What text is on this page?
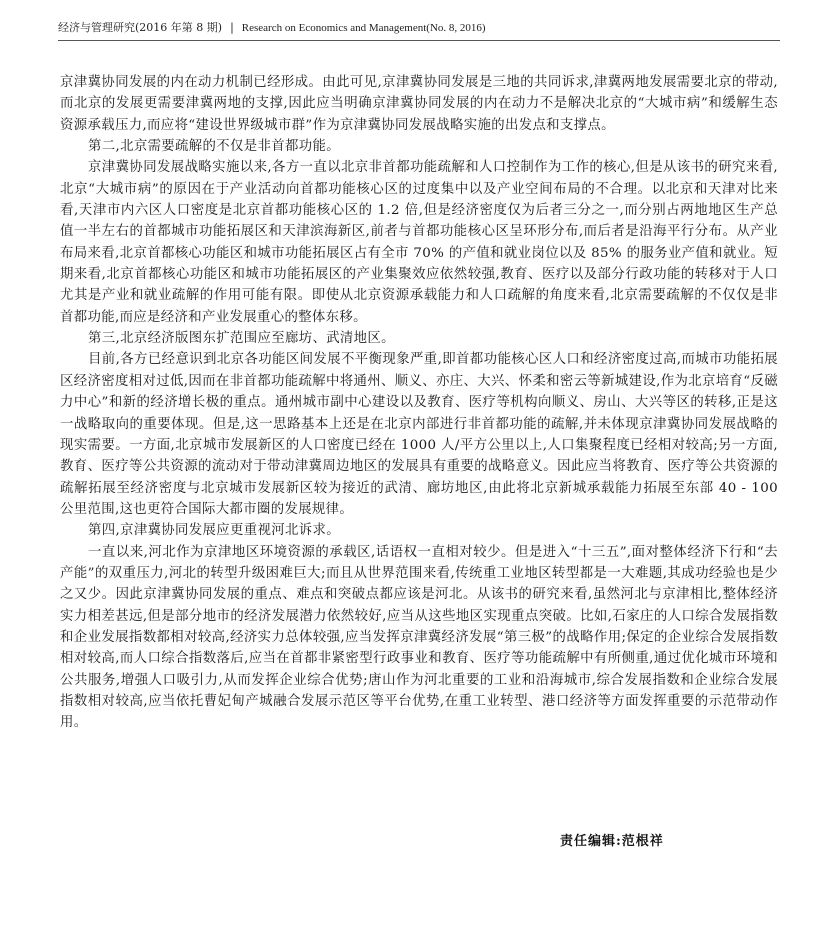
经济与管理研究(2016 年第 8 期) | Research on Economics and Management(No. 8, 2016)

京津冀协同发展的内在动力机制已经形成。由此可见,京津冀协同发展是三地的共同诉求,津冀两地发展需要北京的带动,而北京的发展更需要津冀两地的支撑,因此应当明确京津冀协同发展的内在动力不是解决北京的“大城市病”和缓解生态资源承载压力,而应将“建设世界级城市群”作为京津冀协同发展战略实施的出发点和支撑点。

第二,北京需要疏解的不仅是非首都功能。

京津冀协同发展战略实施以来,各方一直以北京非首都功能疏解和人口控制作为工作的核心,但是从该书的研究来看,北京“大城市病”的原因在于产业活动向首都功能核心区的过度集中以及产业空间布局的不合理。以北京和天津对比来看,天津市内六区人口密度是北京首都功能核心区的 1.2 倍,但是经济密度仅为后者三分之一,而分别占两地地区生产总值一半左右的首都城市功能拓展区和天津滨海新区,前者与首都功能核心区呈环形分布,而后者是沿海平行分布。从产业布局来看,北京首都核心功能区和城市功能拓展区占有全市 70% 的产值和就业岗位以及 85% 的服务业产值和就业。短期来看,北京首都核心功能区和城市功能拓展区的产业集聚效应依然较强,教育、医疗以及部分行政功能的转移对于人口尤其是产业和就业疏解的作用可能有限。即使从北京资源承载能力和人口疏解的角度来看,北京需要疏解的不仅仅是非首都功能,而应是经济和产业发展重心的整体东移。

第三,北京经济版图东扩范围应至廊坊、武清地区。

目前,各方已经意识到北京各功能区间发展不平衡现象严重,即首都功能核心区人口和经济密度过高,而城市功能拓展区经济密度相对过低,因而在非首都功能疏解中将通州、顺义、亦庄、大兴、怀柔和密云等新城建设,作为北京培育“反磁力中心”和新的经济增长极的重点。通州城市副中心建设以及教育、医疗等机构向顺义、房山、大兴等区的转移,正是这一战略取向的重要体现。但是,这一思路基本上还是在北京内部进行非首都功能的疏解,并未体现京津冀协同发展战略的现实需要。一方面,北京城市发展新区的人口密度已经在 1000 人/平方公里以上,人口集聚程度已经相对较高;另一方面,教育、医疗等公共资源的流动对于带动津冀周边地区的发展具有重要的战略意义。因此应当将教育、医疗等公共资源的疏解拓展至经济密度与北京城市发展新区较为接近的武清、廊坊地区,由此将北京新城承载能力拓展至东部 40 - 100 公里范围,这也更符合国际大都市圈的发展规律。

第四,京津冀协同发展应更重视河北诉求。

一直以来,河北作为京津地区环境资源的承载区,话语权一直相对较少。但是进入“十三五”,面对整体经济下行和“去产能”的双重压力,河北的转型升级困难巨大;而且从世界范围来看,传统重工业地区转型都是一大难题,其成功经验也是少之又少。因此京津冀协同发展的重点、难点和突破点都应该是河北。从该书的研究来看,虽然河北与京津相比,整体经济实力相差甚远,但是部分地市的经济发展潜力依然较好,应当从这些地区实现重点突破。比如,石家庄的人口综合发展指数和企业发展指数都相对较高,经济实力总体较强,应当发挥京津冀经济发展“第三极”的战略作用;保定的企业综合发展指数相对较高,而人口综合指数落后,应当在首都非紧密型行政事业和教育、医疗等功能疏解中有所侧重,通过优化城市环境和公共服务,增强人口吸引力,从而发挥企业综合优势;唐山作为河北重要的工业和沿海城市,综合发展指数和企业综合发展指数相对较高,应当依托曹妃甸产城融合发展示范区等平台优势,在重工业转型、港口经济等方面发挥重要的示范带动作用。

责任编辑:范根祥
